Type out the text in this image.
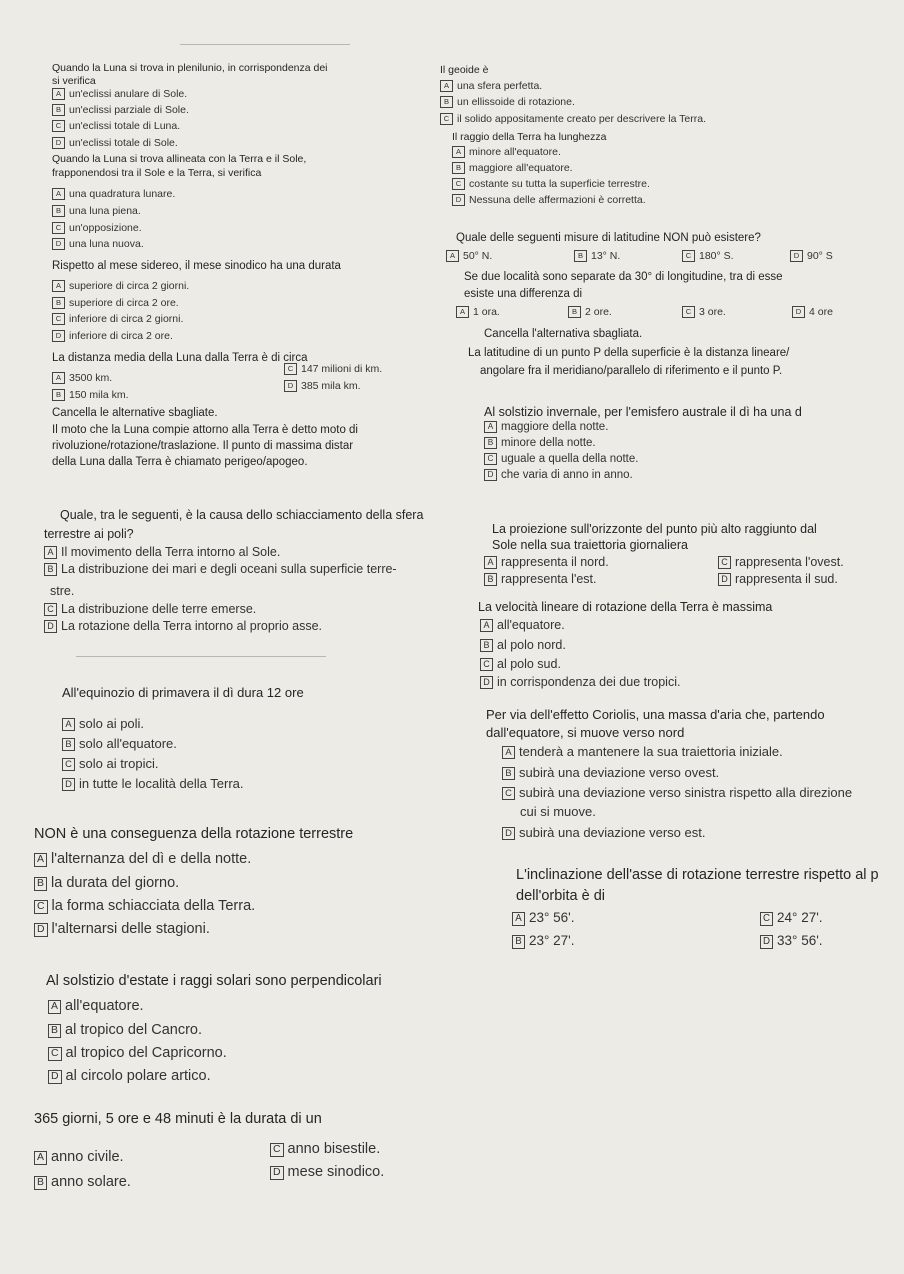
Quando la Luna si trova in plenilunio, in corrispondenza dei
si verifica
A un'eclissi anulare di Sole.
B un'eclissi parziale di Sole.
C un'eclissi totale di Luna.
D un'eclissi totale di Sole.
Quando la Luna si trova allineata con la Terra e il Sole,
frapponendosi tra il Sole e la Terra, si verifica
A una quadratura lunare.
B una luna piena.
C un'opposizione.
D una luna nuova.
Rispetto al mese sidereo, il mese sinodico ha una durata
A superiore di circa 2 giorni.
B superiore di circa 2 ore.
C inferiore di circa 2 giorni.
D inferiore di circa 2 ore.
La distanza media della Luna dalla Terra è di circa
A 3500 km.
B 150 mila km.
C 147 milioni di km.
D 385 mila km.
Cancella le alternative sbagliate.
Il moto che la Luna compie attorno alla Terra è detto moto di
rivoluzione/rotazione/traslazione. Il punto di massima distar
della Luna dalla Terra è chiamato perigeo/apogeo.
Il geoide è
A una sfera perfetta.
B un ellissoide di rotazione.
C il solido appositamente creato per descrivere la Terra.
Il raggio della Terra ha lunghezza
A minore all'equatore.
B maggiore all'equatore.
C costante su tutta la superficie terrestre.
D Nessuna delle affermazioni è corretta.
Quale delle seguenti misure di latitudine NON può esistere?
A 50° N.	B 13° N.	C 180° S.	D 90° S
Se due località sono separate da 30° di longitudine, tra di esse
esiste una differenza di
A 1 ora.	B 2 ore.	C 3 ore.	D 4 ore
Cancella l'alternativa sbagliata.
La latitudine di un punto P della superficie è la distanza lineare/
angolare fra il meridiano/parallelo di riferimento e il punto P.
Al solstizio invernale, per l'emisfero australe il dì ha una d
A maggiore della notte.
B minore della notte.
C uguale a quella della notte.
D che varia di anno in anno.
Quale, tra le seguenti, è la causa dello schiacciamento della sfera
terrestre ai poli?
A Il movimento della Terra intorno al Sole.
B La distribuzione dei mari e degli oceani sulla superficie terre-
stre.
C La distribuzione delle terre emerse.
D La rotazione della Terra intorno al proprio asse.
La proiezione sull'orizzonte del punto più alto raggiunto dal
Sole nella sua traiettoria giornaliera
A rappresenta il nord.
B rappresenta l'est.
C rappresenta l'ovest.
D rappresenta il sud.
La velocità lineare di rotazione della Terra è massima
A all'equatore.
B al polo nord.
C al polo sud.
D in corrispondenza dei due tropici.
All'equinozio di primavera il dì dura 12 ore
A solo ai poli.
B solo all'equatore.
C solo ai tropici.
D in tutte le località della Terra.
Per via dell'effetto Coriolis, una massa d'aria che, partendo
dall'equatore, si muove verso nord
A tenderà a mantenere la sua traiettoria iniziale.
B subirà una deviazione verso ovest.
C subirà una deviazione verso sinistra rispetto alla direzione
cui si muove.
D subirà una deviazione verso est.
NON è una conseguenza della rotazione terrestre
A l'alternanza del dì e della notte.
B la durata del giorno.
C la forma schiacciata della Terra.
D l'alternarsi delle stagioni.
L'inclinazione dell'asse di rotazione terrestre rispetto al p
dell'orbita è di
A 23° 56'.
B 23° 27'.
C 24° 27'.
D 33° 56'.
Al solstizio d'estate i raggi solari sono perpendicolari
A all'equatore.
B al tropico del Cancro.
C al tropico del Capricorno.
D al circolo polare artico.
365 giorni, 5 ore e 48 minuti è la durata di un
A anno civile.
B anno solare.
C anno bisestile.
D mese sinodico.
